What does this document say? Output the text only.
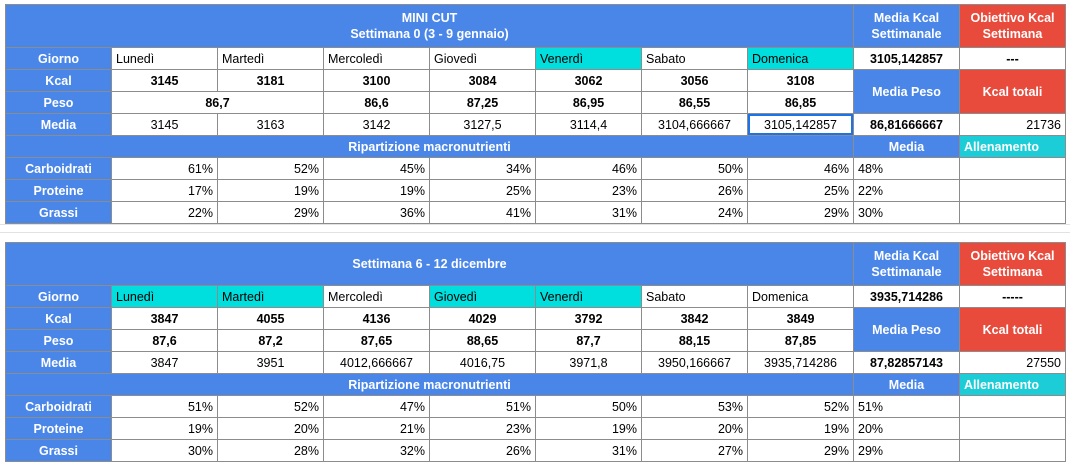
MINI CUT
Settimana 0 (3 - 9 gennaio)								Media Kcal Settimanale	Obiettivo Kcal Settimana
Giorno	Lunedì	Martedì	Mercoledì	Giovedì	Venerdì	Sabato	Domenica	3105,142857	---
Kcal	3145	3181	3100	3084	3062	3056	3108	Media Peso	Kcal totali
Peso	86,7		86,6	87,25	86,95	86,55	86,85		
Media	3145	3163	3142	3127,5	3114,4	3104,666667	3105,142857	86,81666667	21736
Ripartizione macronutrienti								Media	Allenamento
Carboidrati	61%	52%	45%	34%	46%	50%	46%	48%	
Proteine	17%	19%	19%	25%	23%	26%	25%	22%	
Grassi	22%	29%	36%	41%	31%	24%	29%	30%	
Settimana 6 - 12 dicembre								Media Kcal Settimanale	Obiettivo Kcal Settimana
Giorno	Lunedì	Martedì	Mercoledì	Giovedì	Venerdì	Sabato	Domenica	3935,714286	-----
Kcal	3847	4055	4136	4029	3792	3842	3849	Media Peso	Kcal totali
Peso	87,6	87,2	87,65	88,65	87,7	88,15	87,85		
Media	3847	3951	4012,666667	4016,75	3971,8	3950,166667	3935,714286	87,82857143	27550
Ripartizione macronutrienti								Media	Allenamento
Carboidrati	51%	52%	47%	51%	50%	53%	52%	51%	
Proteine	19%	20%	21%	23%	19%	20%	19%	20%	
Grassi	30%	28%	32%	26%	31%	27%	29%	29%	
